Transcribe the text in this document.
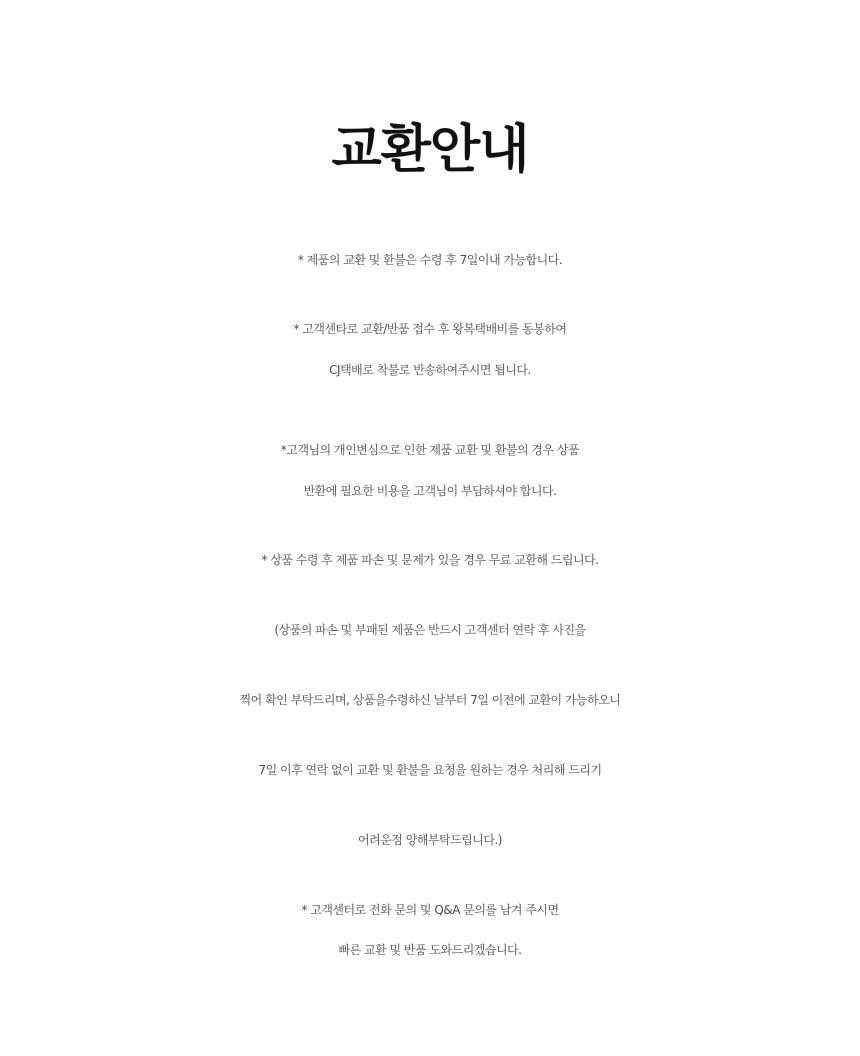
교환안내
* 제품의 교환 및 환불은 수령 후 7일이내 가능합니다.
* 고객센타로 교환/반품 접수 후 왕복택배비를 동봉하여
CJ택배로 착불로 반송하여주시면 됩니다.
*고객님의 개인변심으로 인한 제품 교환 및 환불의 경우 상품
반환에 필요한 비용을 고객님이 부담하셔야 합니다.
* 상품 수령 후 제품 파손 및 문제가 있을 경우 무료 교환해 드립니다.
(상품의 파손 및 부패된 제품은 반드시 고객센터 연락 후 사진을
찍어 확인 부탁드리며, 상품을수령하신 날부터 7일 이전에 교환이 가능하오니
7일 이후 연락 없이 교환 및 환불을 요청을 원하는 경우 처리해 드리기
어려운점 양해부탁드립니다.)
* 고객센터로 전화 문의 및 Q&A 문의를 남겨 주시면
빠른 교환 및 반품 도와드리겠습니다.
